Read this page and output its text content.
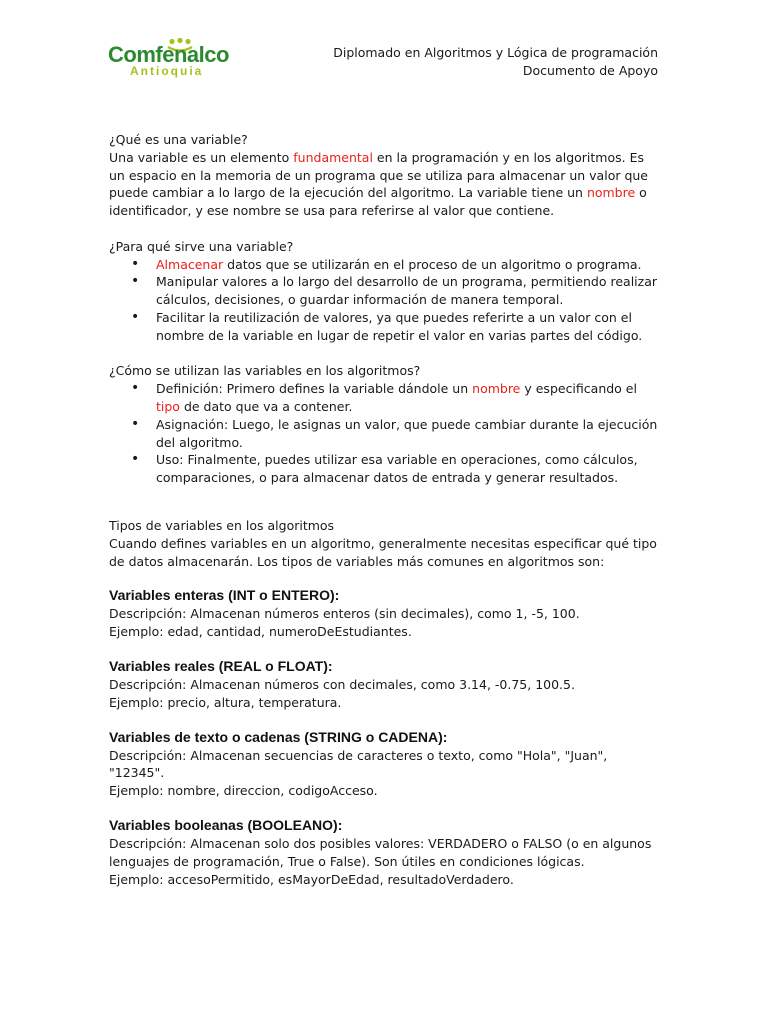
Comfenalco
Antioquia
Diplomado en Algoritmos y Lógica de programación
Documento de Apoyo

¿Qué es una variable?

Una variable es un elemento fundamental en la programación y en los algoritmos. Es un espacio en la memoria de un programa que se utiliza para almacenar un valor que puede cambiar a lo largo de la ejecución del algoritmo. La variable tiene un nombre o identificador, y ese nombre se usa para referirse al valor que contiene.

¿Para qué sirve una variable?

• Almacenar datos que se utilizarán en el proceso de un algoritmo o programa.
• Manipular valores a lo largo del desarrollo de un programa, permitiendo realizar cálculos, decisiones, o guardar información de manera temporal.
• Facilitar la reutilización de valores, ya que puedes referirte a un valor con el nombre de la variable en lugar de repetir el valor en varias partes del código.

¿Cómo se utilizan las variables en los algoritmos?

• Definición: Primero defines la variable dándole un nombre y especificando el tipo de dato que va a contener.
• Asignación: Luego, le asignas un valor, que puede cambiar durante la ejecución del algoritmo.
• Uso: Finalmente, puedes utilizar esa variable en operaciones, como cálculos, comparaciones, o para almacenar datos de entrada y generar resultados.

Tipos de variables en los algoritmos

Cuando defines variables en un algoritmo, generalmente necesitas especificar qué tipo de datos almacenarán. Los tipos de variables más comunes en algoritmos son:

Variables enteras (INT o ENTERO):

Descripción: Almacenan números enteros (sin decimales), como 1, -5, 100.

Ejemplo: edad, cantidad, numeroDeEstudiantes.

Variables reales (REAL o FLOAT):

Descripción: Almacenan números con decimales, como 3.14, -0.75, 100.5.

Ejemplo: precio, altura, temperatura.

Variables de texto o cadenas (STRING o CADENA):

Descripción: Almacenan secuencias de caracteres o texto, como "Hola", "Juan", "12345".

Ejemplo: nombre, direccion, codigoAcceso.

Variables booleanas (BOOLEANO):

Descripción: Almacenan solo dos posibles valores: VERDADERO o FALSO (o en algunos lenguajes de programación, True o False). Son útiles en condiciones lógicas.

Ejemplo: accesoPermitido, esMayorDeEdad, resultadoVerdadero.
